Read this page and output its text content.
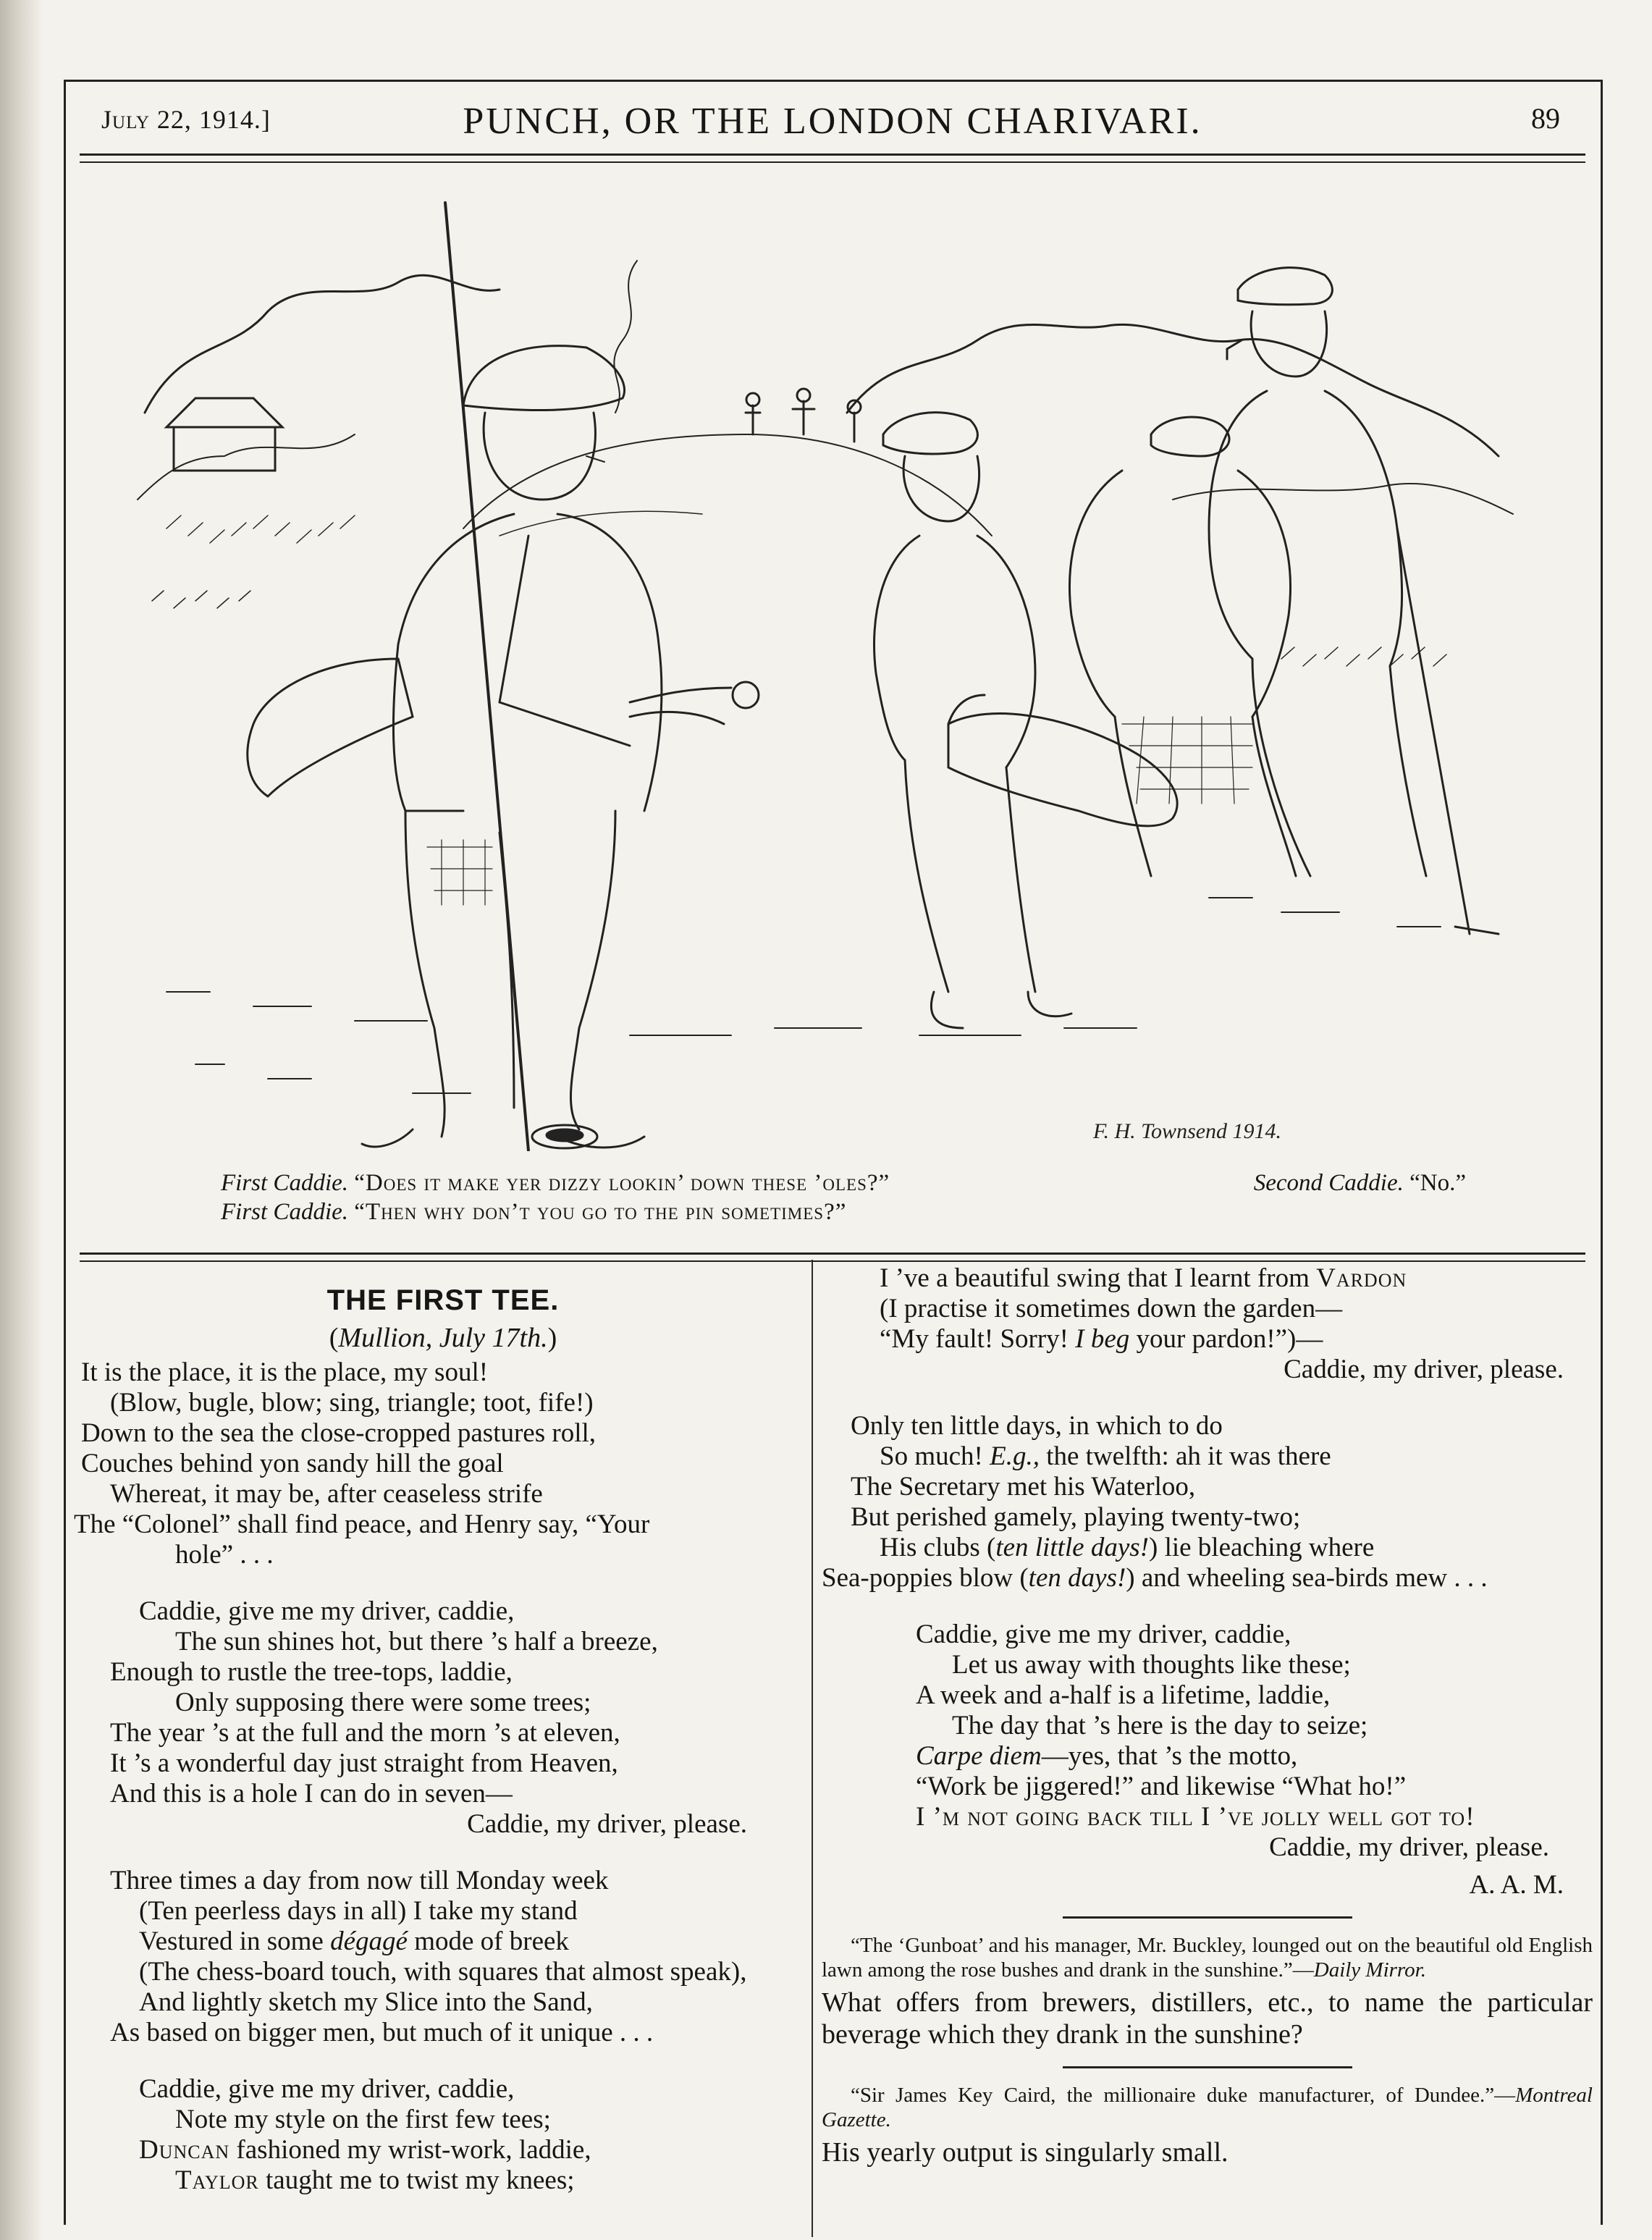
July 22, 1914.]	PUNCH, OR THE LONDON CHARIVARI.	89
F. H. Townsend 1914.
First Caddie. “Does it make yer dizzy lookin’ down these ’oles?”
First Caddie. “Then why don’t you go to the pin sometimes?”
Second Caddie. “No.”
THE FIRST TEE.
(Mullion, July 17th.)
It is the place, it is the place, my soul!
(Blow, bugle, blow; sing, triangle; toot, fife!)
Down to the sea the close-cropped pastures roll,
Couches behind yon sandy hill the goal
Whereat, it may be, after ceaseless strife
The “Colonel” shall find peace, and Henry say, “Your
hole” . . .
Caddie, give me my driver, caddie,
The sun shines hot, but there ’s half a breeze,
Enough to rustle the tree-tops, laddie,
Only supposing there were some trees;
The year ’s at the full and the morn ’s at eleven,
It ’s a wonderful day just straight from Heaven,
And this is a hole I can do in seven—
Caddie, my driver, please.
Three times a day from now till Monday week
(Ten peerless days in all) I take my stand
Vestured in some dégagé mode of breek
(The chess-board touch, with squares that almost speak),
And lightly sketch my Slice into the Sand,
As based on bigger men, but much of it unique . . .
Caddie, give me my driver, caddie,
Note my style on the first few tees;
Duncan fashioned my wrist-work, laddie,
Taylor taught me to twist my knees;
I ’ve a beautiful swing that I learnt from Vardon
(I practise it sometimes down the garden—
“My fault! Sorry! I beg your pardon!”)—
Caddie, my driver, please.
Only ten little days, in which to do
So much! E.g., the twelfth: ah it was there
The Secretary met his Waterloo,
But perished gamely, playing twenty-two;
His clubs (ten little days!) lie bleaching where
Sea-poppies blow (ten days!) and wheeling sea-birds mew . . .
Caddie, give me my driver, caddie,
Let us away with thoughts like these;
A week and a-half is a lifetime, laddie,
The day that ’s here is the day to seize;
Carpe diem—yes, that ’s the motto,
“Work be jiggered!” and likewise “What ho!”
I ’m not going back till I ’ve jolly well got to!
Caddie, my driver, please.
A. A. M.
“The ‘Gunboat’ and his manager, Mr. Buckley, lounged out on the beautiful old English lawn among the rose bushes and drank in the sunshine.”—Daily Mirror.
What offers from brewers, distillers, etc., to name the particular beverage which they drank in the sunshine?
“Sir James Key Caird, the millionaire duke manufacturer, of Dundee.”—Montreal Gazette.
His yearly output is singularly small.
